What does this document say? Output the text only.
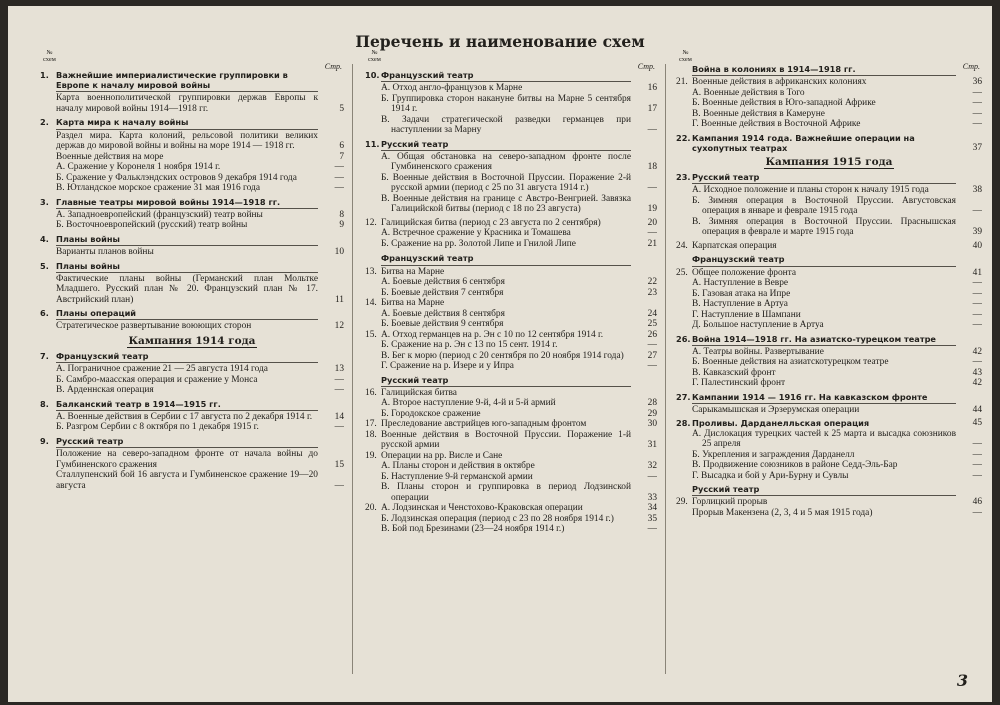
Перечень и наименование схем
№
схем
Стр.
1. Важнейшие империалистические группировки в Европе к началу мировой войны
Карта военнополитической группировки держав Европы к началу мировой войны 1914—1918 гг.	5
2. Карта мира к началу войны
Раздел мира. Карта колоний, рельсовой политики великих держав до мировой войны и войны на море 1914 — 1918 гг.	6
Военные действия на море	7
А. Сражение у Коронеля 1 ноября 1914 г.	—
Б. Сражение у Фальклэндских островов 9 декабря 1914 года	—
В. Ютландское морское сражение 31 мая 1916 года	—
3. Главные театры мировой войны 1914—1918 гг.
А. Западноевропейский (французский) театр войны	8
Б. Восточноевропейский (русский) театр войны	9
4. Планы войны
Варианты планов войны	10
5. Планы войны
Фактические планы войны (Германский план Мольтке Младшего. Русский план № 20. Французский план № 17. Австрийский план)	11
6. Планы операций
Стратегическое развертывание воюющих сторон	12
Кампания 1914 года
7. Французский театр
А. Пограничное сражение 21 — 25 августа 1914 года	13
Б. Самбро-маасская операция и сражение у Монса	—
В. Арденнская операция	—
8. Балканский театр в 1914—1915 гг.
А. Военные действия в Сербии с 17 августа по 2 декабря 1914 г.	14
Б. Разгром Сербии с 8 октября по 1 декабря 1915 г.	—
9. Русский театр
Положение на северо-западном фронте от начала войны до Гумбиненского сражения	15
Сталлупенский бой 16 августа и Гумбиненское сражение 19—20 августа	—
№
схем
Стр.
10. Французский театр
А. Отход англо-французов к Марне	16
Б. Группировка сторон накануне битвы на Марне 5 сентября 1914 г.	17
В. Задачи стратегической разведки германцев при наступлении за Марну	—
11. Русский театр
А. Общая обстановка на северо-западном фронте после Гумбиненского сражения	18
Б. Военные действия в Восточной Пруссии. Поражение 2-й русской армии (период с 25 по 31 августа 1914 г.)	—
В. Военные действия на границе с Австро-Венгрией. Завязка Галицийской битвы (период с 18 по 23 августа)	19
12. Галицийская битва (период с 23 августа по 2 сентября)	20
А. Встречное сражение у Красника и Томашева	—
Б. Сражение на рр. Золотой Липе и Гнилой Липе	21
Французский театр
13. Битва на Марне
А. Боевые действия 6 сентября	22
Б. Боевые действия 7 сентября	23
14. Битва на Марне
А. Боевые действия 8 сентября	24
Б. Боевые действия 9 сентября	25
15. А. Отход германцев на р. Эн с 10 по 12 сентября 1914 г.	26
Б. Сражение на р. Эн с 13 по 15 сент. 1914 г.	—
В. Бег к морю (период с 20 сентября по 20 ноября 1914 года)	27
Г. Сражение на р. Изере и у Ипра	—
Русский театр
16. Галицийская битва
А. Второе наступление 9-й, 4-й и 5-й армий	28
Б. Городокское сражение	29
17. Преследование австрийцев юго-западным фронтом	30
18. Военные действия в Восточной Пруссии. Поражение 1-й русской армии	31
19. Операции на рр. Висле и Сане
А. Планы сторон и действия в октябре	32
Б. Наступление 9-й германской армии	—
В. Планы сторон и группировка в период Лодзинской операции	33
20. А. Лодзинская и Ченстохово-Краковская операции	34
Б. Лодзинская операция (период с 23 по 28 ноября 1914 г.)	35
В. Бой под Брезинами (23—24 ноября 1914 г.)	—
№
схем
Стр.
Война в колониях в 1914—1918 гг.
21. Военные действия в африканских колониях	36
А. Военные действия в Того	—
Б. Военные действия в Юго-западной Африке	—
В. Военные действия в Камеруне	—
Г. Военные действия в Восточной Африке	—
22. Кампания 1914 года. Важнейшие операции на сухопутных театрах	37
Кампания 1915 года
23. Русский театр
А. Исходное положение и планы сторон к началу 1915 года	38
Б. Зимняя операция в Восточной Пруссии. Августовская операция в январе и феврале 1915 года	—
В. Зимняя операция в Восточной Пруссии. Праснышская операция в феврале и марте 1915 года	39
24. Карпатская операция	40
Французский театр
25. Общее положение фронта	41
А. Наступление в Вевре	—
Б. Газовая атака на Ипре	—
В. Наступление в Артуа	—
Г. Наступление в Шампани	—
Д. Большое наступление в Артуа	—
26. Война 1914—1918 гг. На азиатско-турецком театре
А. Театры войны. Развертывание	42
Б. Военные действия на азиатскотурецком театре	—
В. Кавказский фронт	43
Г. Палестинский фронт	42
27. Кампании 1914 — 1916 гг. На кавказском фронте
Сарыкамышская и Эрзерумская операции	44
28. Проливы. Дарданелльская операция	45
А. Дислокация турецких частей к 25 марта и высадка союзников 25 апреля	—
Б. Укрепления и заграждения Дарданелл	—
В. Продвижение союзников в районе Седд-Эль-Бар	—
Г. Высадка и бой у Ари-Бурну и Сувлы	—
Русский театр
29. Горлицкий прорыв	46
Прорыв Макензена (2, 3, 4 и 5 мая 1915 года)	—
3
